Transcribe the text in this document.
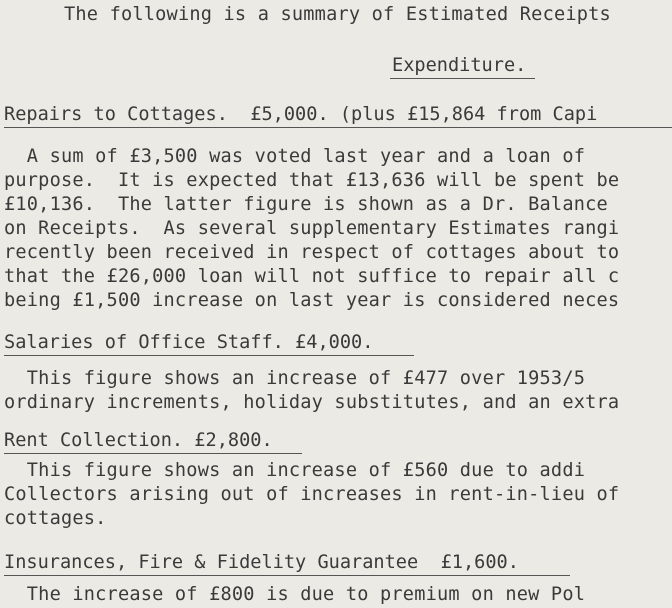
The following is a summary of Estimated Receipts
Expenditure.
Repairs to Cottages.  £5,000. (plus £15,864 from Capi
A sum of £3,500 was voted last year and a loan of
purpose.  It is expected that £13,636 will be spent be
£10,136.  The latter figure is shown as a Dr. Balance
on Receipts.  As several supplementary Estimates rangi
recently been received in respect of cottages about to
that the £26,000 loan will not suffice to repair all c
being £1,500 increase on last year is considered neces
Salaries of Office Staff. £4,000.
This figure shows an increase of £477 over 1953/5
ordinary increments, holiday substitutes, and an extra
Rent Collection. £2,800.
This figure shows an increase of £560 due to addi
Collectors arising out of increases in rent-in-lieu of
cottages.
Insurances, Fire & Fidelity Guarantee  £1,600.
The increase of £800 is due to premium on new Pol
